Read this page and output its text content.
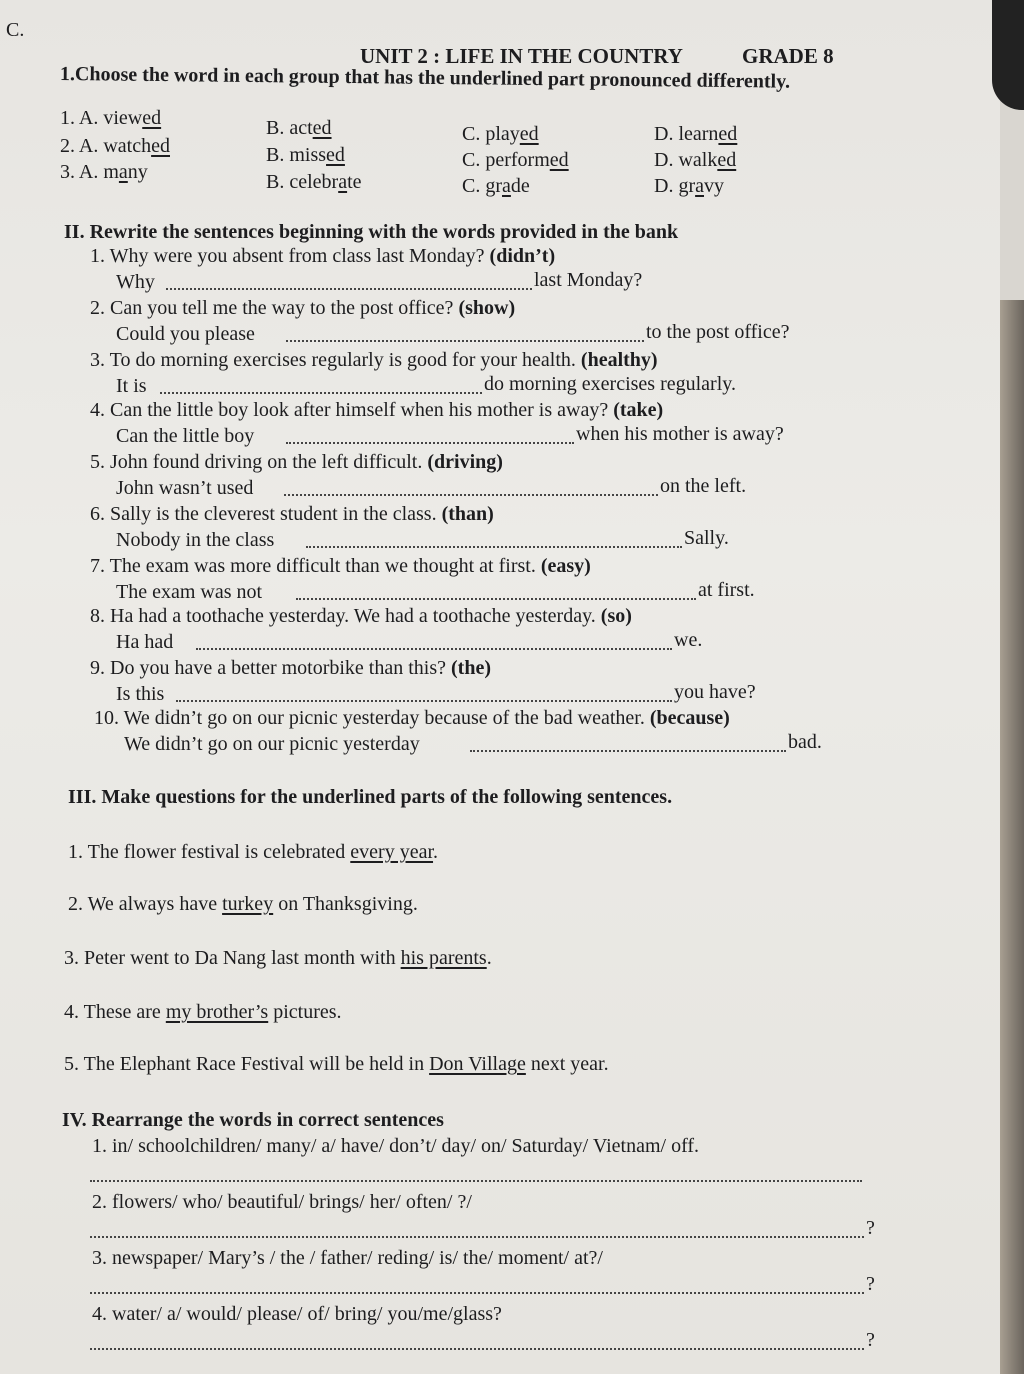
C.
UNIT 2 : LIFE IN THE COUNTRY	GRADE 8
1.Choose the word in each group that has the underlined part pronounced differently.
1. A. viewed	B. acted	C. played	D. learned
2. A. watched	B. missed	C. performed	D. walked
3. A. many	B. celebrate	C. grade	D. gravy
II. Rewrite the sentences beginning with the words provided in the bank
1. Why were you absent from class last Monday? (didn’t)
Why	last Monday?
2. Can you tell me the way to the post office? (show)
Could you please	to the post office?
3. To do morning exercises regularly is good for your health. (healthy)
It is	do morning exercises regularly.
4. Can the little boy look after himself when his mother is away? (take)
Can the little boy	when his mother is away?
5. John found driving on the left difficult. (driving)
John wasn’t used	on the left.
6. Sally is the cleverest student in the class. (than)
Nobody in the class	Sally.
7. The exam was more difficult than we thought at first. (easy)
The exam was not	at first.
8. Ha had a toothache yesterday. We had a toothache yesterday. (so)
Ha had	we.
9. Do you have a better motorbike than this? (the)
Is this	you have?
10. We didn’t go on our picnic yesterday because of the bad weather. (because)
We didn’t go on our picnic yesterday	bad.
III. Make questions for the underlined parts of the following sentences.
1. The flower festival is celebrated every year.
2. We always have turkey on Thanksgiving.
3. Peter went to Da Nang last month with his parents.
4. These are my brother’s pictures.
5. The Elephant Race Festival will be held in Don Village next year.
IV. Rearrange the words in correct sentences
1. in/ schoolchildren/ many/ a/ have/ don’t/ day/ on/ Saturday/ Vietnam/ off.
2. flowers/ who/ beautiful/ brings/ her/ often/ ?/
?
3. newspaper/ Mary’s / the / father/ reding/ is/ the/ moment/ at?/
?
4. water/ a/ would/ please/ of/ bring/ you/me/glass?
?
